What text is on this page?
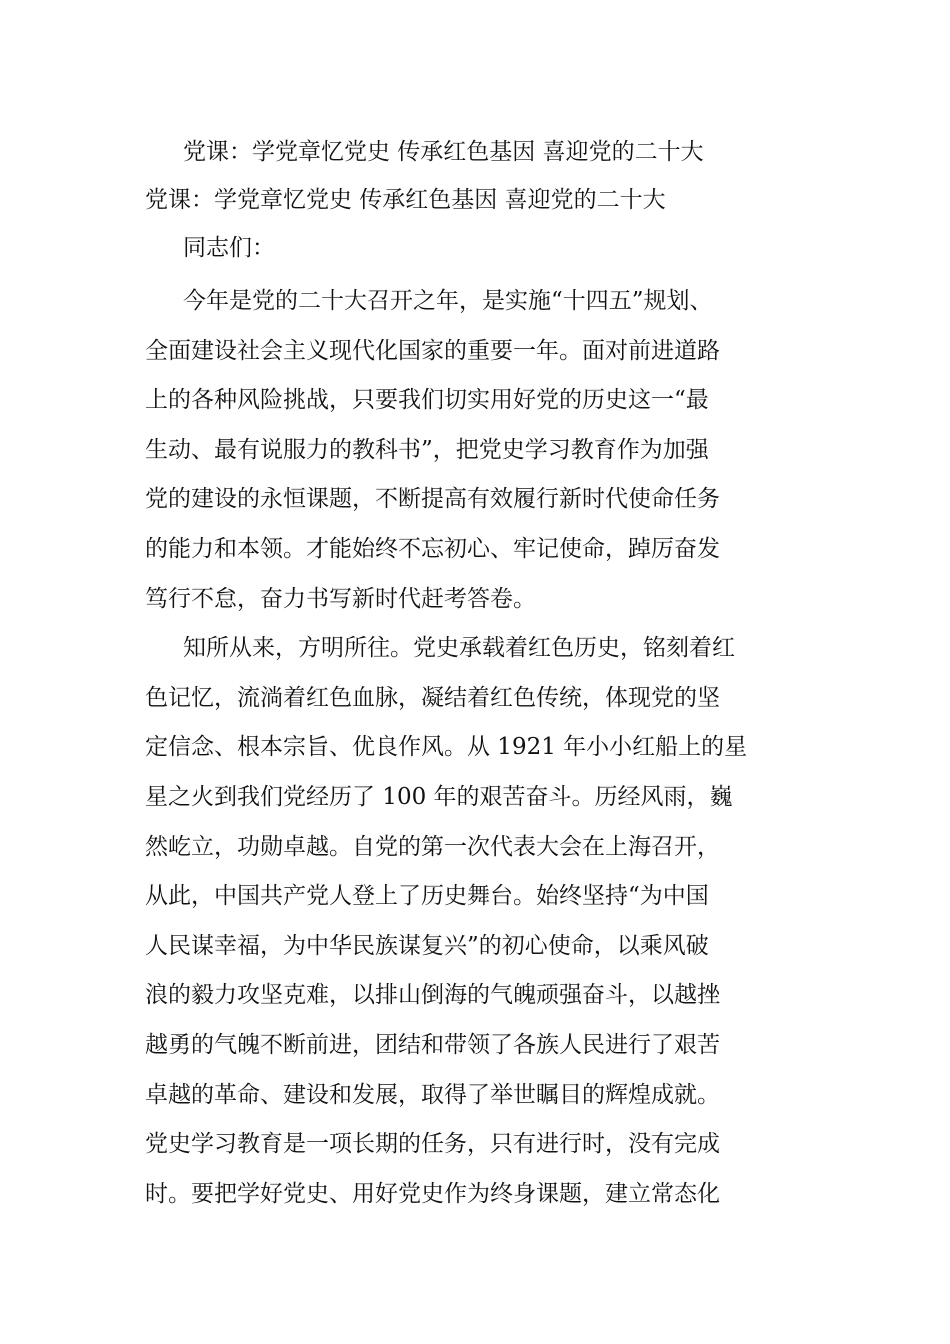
党课：学党章忆党史 传承红色基因 喜迎党的二十大
党课：学党章忆党史 传承红色基因 喜迎党的二十大
同志们：
今年是党的二十大召开之年，是实施“十四五”规划、
全面建设社会主义现代化国家的重要一年。面对前进道路
上的各种风险挑战，只要我们切实用好党的历史这一“最
生动、最有说服力的教科书”，把党史学习教育作为加强
党的建设的永恒课题，不断提高有效履行新时代使命任务
的能力和本领。才能始终不忘初心、牢记使命，踔厉奋发
笃行不怠，奋力书写新时代赶考答卷。
知所从来，方明所往。党史承载着红色历史，铭刻着红
色记忆，流淌着红色血脉，凝结着红色传统，体现党的坚
定信念、根本宗旨、优良作风。从 1921 年小小红船上的星
星之火到我们党经历了 100 年的艰苦奋斗。历经风雨，巍
然屹立，功勋卓越。自党的第一次代表大会在上海召开，
从此，中国共产党人登上了历史舞台。始终坚持“为中国
人民谋幸福，为中华民族谋复兴”的初心使命，以乘风破
浪的毅力攻坚克难，以排山倒海的气魄顽强奋斗，以越挫
越勇的气魄不断前进，团结和带领了各族人民进行了艰苦
卓越的革命、建设和发展，取得了举世瞩目的辉煌成就。
党史学习教育是一项长期的任务，只有进行时，没有完成
时。要把学好党史、用好党史作为终身课题，建立常态化
